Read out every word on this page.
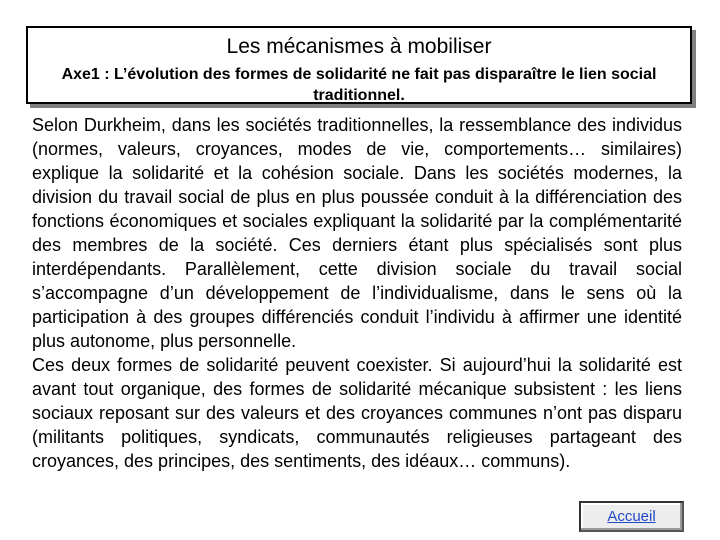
Les mécanismes à mobiliser
Axe1 : L’évolution des formes de solidarité ne fait pas disparaître le lien social traditionnel.

Selon Durkheim, dans les sociétés traditionnelles, la ressemblance des individus (normes, valeurs, croyances, modes de vie, comportements… similaires) explique la solidarité et la cohésion sociale. Dans les sociétés modernes, la division du travail social de plus en plus poussée conduit à la différenciation des fonctions économiques et sociales expliquant la solidarité par la complémentarité des membres de la société. Ces derniers étant plus spécialisés sont plus interdépendants. Parallèlement, cette division sociale du travail social s’accompagne d’un développement de l’individualisme, dans le sens où la participation à des groupes différenciés conduit l’individu à affirmer une identité plus autonome, plus personnelle.

Ces deux formes de solidarité peuvent coexister. Si aujourd’hui la solidarité est avant tout organique, des formes de solidarité mécanique subsistent : les liens sociaux reposant sur des valeurs et des croyances communes n’ont pas disparu (militants politiques, syndicats, communautés religieuses partageant des croyances, des principes, des sentiments, des idéaux… communs).

Accueil
